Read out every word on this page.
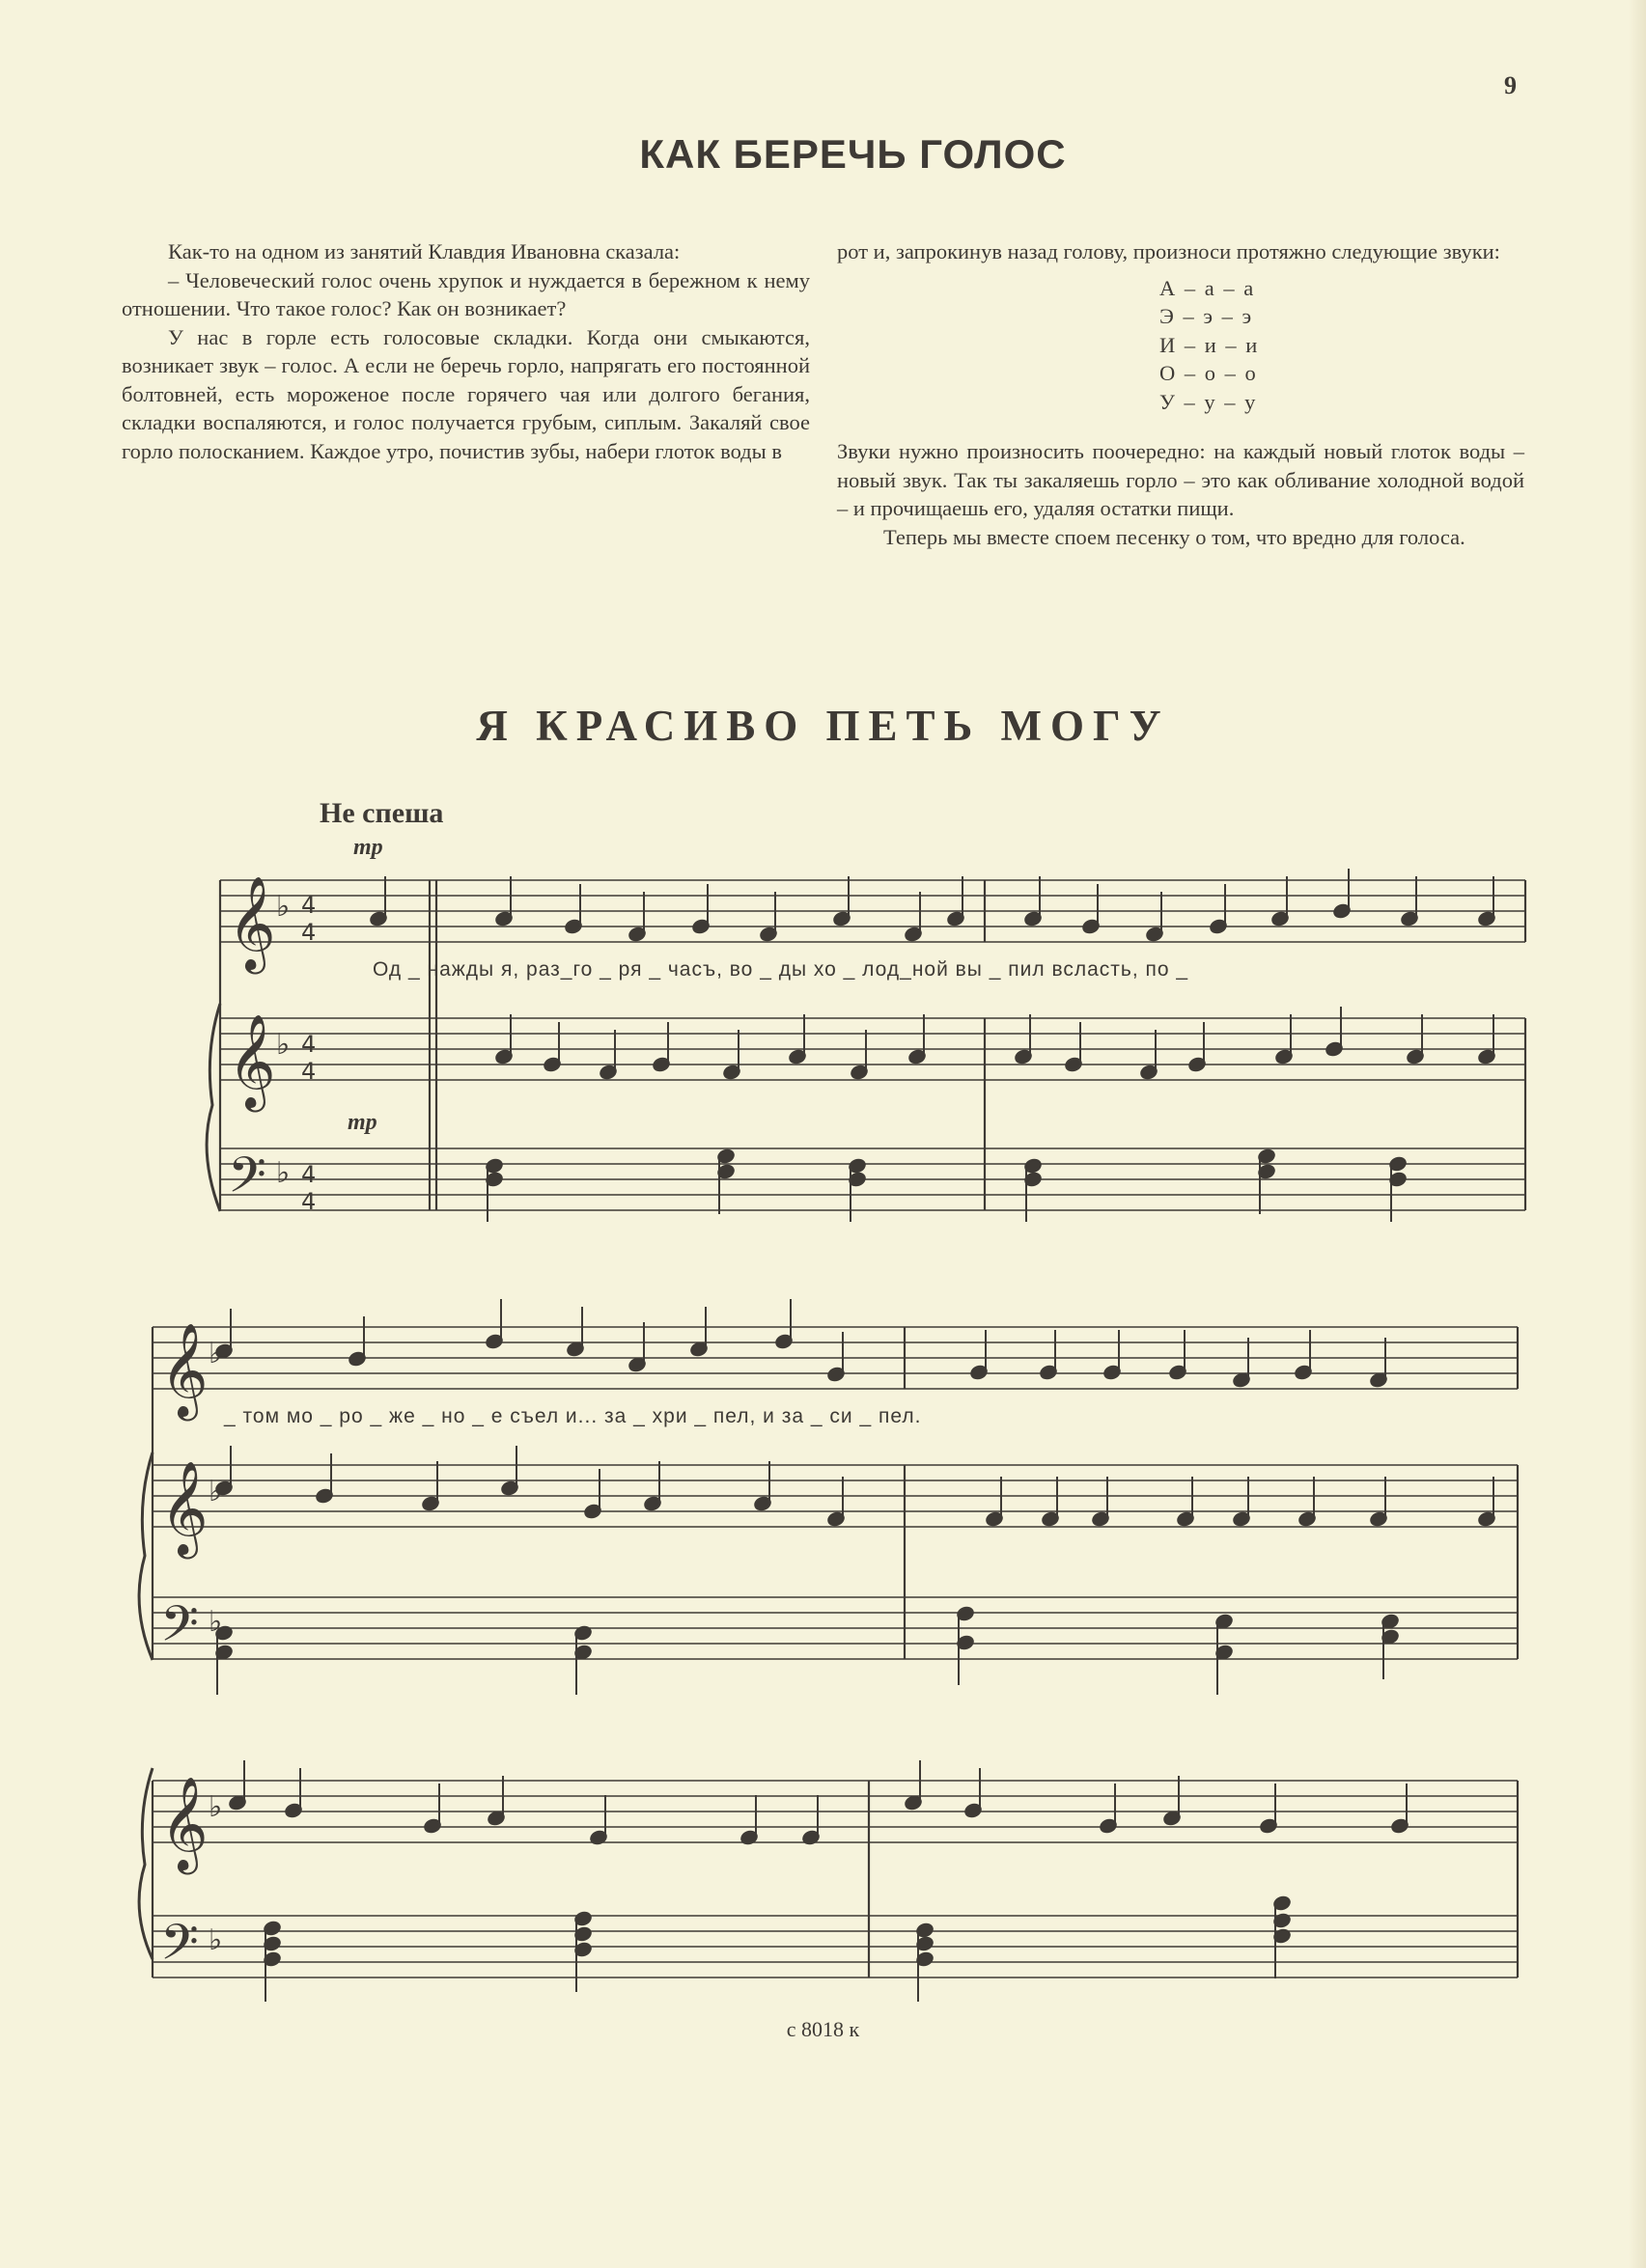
9
КАК БЕРЕЧЬ ГОЛОС

Как-то на одном из занятий Клавдия Ивановна сказала:

– Человеческий голос очень хрупок и нуждается в бережном к нему отношении. Что такое голос? Как он возникает?

У нас в горле есть голосовые складки. Когда они смыкаются, возникает звук – голос. А если не беречь горло, напрягать его постоянной болтовней, есть мороженое после горячего чая или долгого бегания, складки воспаляются, и голос получается грубым, сиплым. Закаляй свое горло полосканием. Каждое утро, почистив зубы, набери глоток воды в

рот и, запрокинув назад голову, произноси протяжно следующие звуки:

А – а – а
Э – э – э
И – и – и
О – о – о
У – у – у

Звуки нужно произносить поочередно: на каждый новый глоток воды – новый звук. Так ты закаляешь горло – это как обливание холодной водой – и прочищаешь его, удаляя остатки пищи.

Теперь мы вместе споем песенку о том, что вредно для голоса.

Я КРАСИВО ПЕТЬ МОГУ
Не спеша
𝄞 ♭
𝄞 ♭
𝄞 ♭
𝄞 ♭
𝄞 ♭
𝄢 ♭
𝄢 ♭
𝄢 ♭
4
4
4
4
4
4
mp
mp
Од _ нажды я, раз_го _ ря _ часъ, во _ ды хо _ лод_ной вы _ пил всласть, по _
_ том мо _ ро _ же _ но _ е съел и... за _ хри _ пел, и за _ си _ пел.
с 8018 к
